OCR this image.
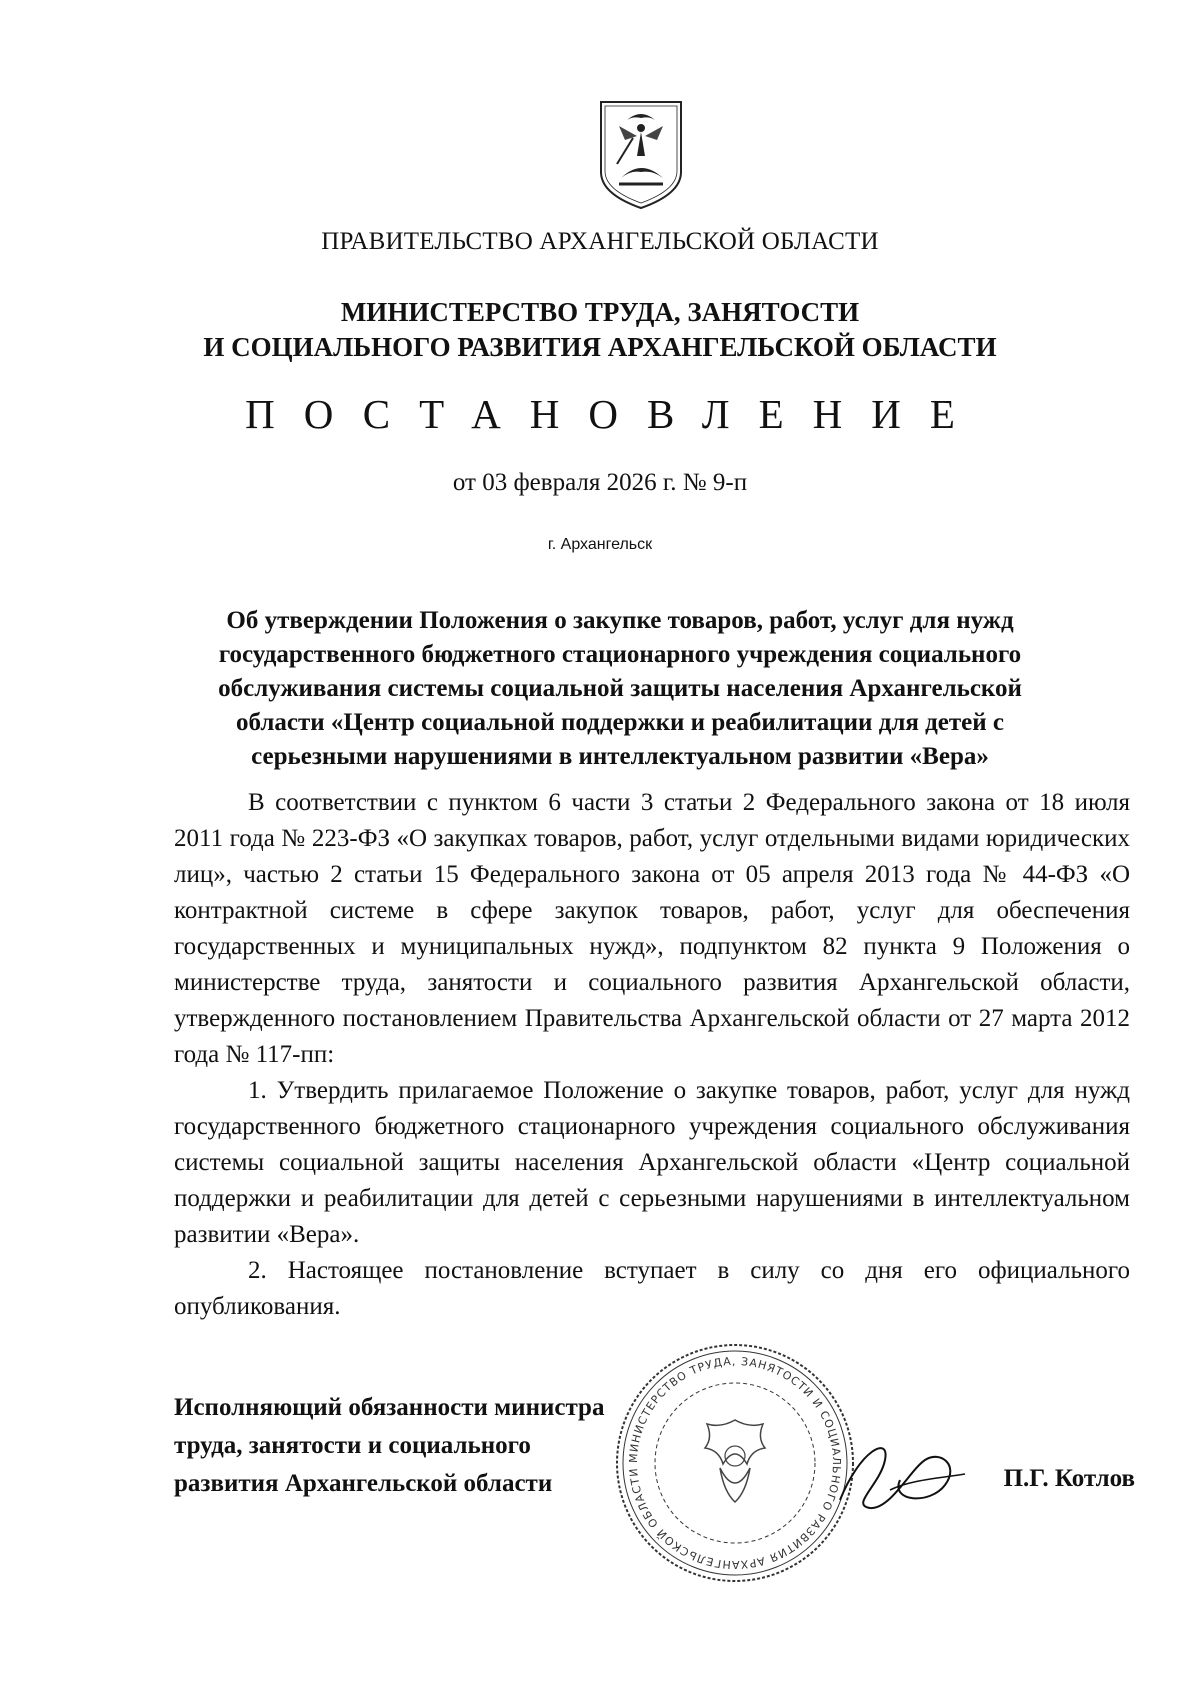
ПРАВИТЕЛЬСТВО АРХАНГЕЛЬСКОЙ ОБЛАСТИ
МИНИСТЕРСТВО ТРУДА, ЗАНЯТОСТИ
И СОЦИАЛЬНОГО РАЗВИТИЯ АРХАНГЕЛЬСКОЙ ОБЛАСТИ
ПОСТАНОВЛЕНИЕ
от 03 февраля 2026 г. № 9-п
г. Архангельск
Об утверждении Положения о закупке товаров, работ, услуг для нужд государственного бюджетного стационарного учреждения социального обслуживания системы социальной защиты населения Архангельской области «Центр социальной поддержки и реабилитации для детей с серьезными нарушениями в интеллектуальном развитии «Вера»

В соответствии с пунктом 6 части 3 статьи 2 Федерального закона от 18 июля 2011 года № 223-ФЗ «О закупках товаров, работ, услуг отдельными видами юридических лиц», частью 2 статьи 15 Федерального закона от 05 апреля 2013 года № 44-ФЗ «О контрактной системе в сфере закупок товаров, работ, услуг для обеспечения государственных и муниципальных нужд», подпунктом 82 пункта 9 Положения о министерстве труда, занятости и социального развития Архангельской области, утвержденного постановлением Правительства Архангельской области от 27 марта 2012 года № 117-пп:

1. Утвердить прилагаемое Положение о закупке товаров, работ, услуг для нужд государственного бюджетного стационарного учреждения социального обслуживания системы социальной защиты населения Архангельской области «Центр социальной поддержки и реабилитации для детей с серьезными нарушениями в интеллектуальном развитии «Вера».

2. Настоящее постановление вступает в силу со дня его официального опубликования.

Исполняющий обязанности министра
труда, занятости и социального
развития Архангельской области
МИНИСТЕРСТВО ТРУДА, ЗАНЯТОСТИ И СОЦИАЛЬНОГО РАЗВИТИЯ АРХАНГЕЛЬСКОЙ ОБЛАСТИ	П.Г. Котлов
